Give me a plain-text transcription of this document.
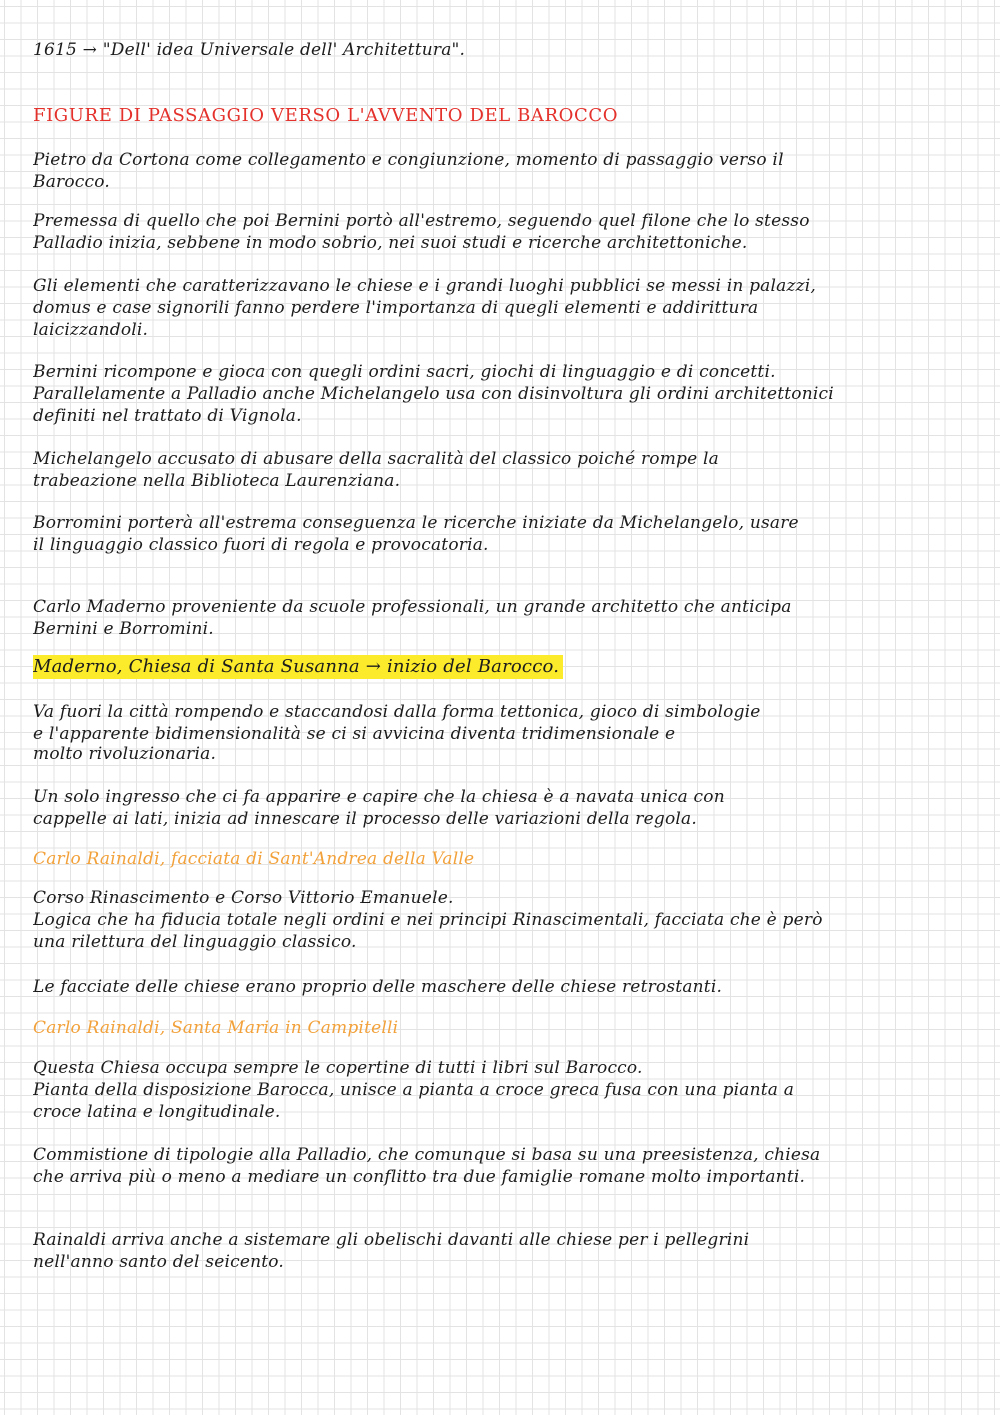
1615 → "Dell' idea Universale dell' Architettura".
FIGURE DI PASSAGGIO VERSO L'AVVENTO DEL BAROCCO
Pietro da Cortona come collegamento e congiunzione, momento di passaggio verso il
Barocco.
Premessa di quello che poi Bernini portò all'estremo, seguendo quel filone che lo stesso
Palladio inizia, sebbene in modo sobrio, nei suoi studi e ricerche architettoniche.
Gli elementi che caratterizzavano le chiese e i grandi luoghi pubblici se messi in palazzi,
domus e case signorili fanno perdere l'importanza di quegli elementi e addirittura
laicizzandoli.
Bernini ricompone e gioca con quegli ordini sacri, giochi di linguaggio e di concetti.
Parallelamente a Palladio anche Michelangelo usa con disinvoltura gli ordini architettonici
definiti nel trattato di Vignola.
Michelangelo accusato di abusare della sacralità del classico poiché rompe la
trabeazione nella Biblioteca Laurenziana.
Borromini porterà all'estrema conseguenza le ricerche iniziate da Michelangelo, usare
il linguaggio classico fuori di regola e provocatoria.
Carlo Maderno proveniente da scuole professionali, un grande architetto che anticipa
Bernini e Borromini.
Maderno, Chiesa di Santa Susanna → inizio del Barocco.
Va fuori la città rompendo e staccandosi dalla forma tettonica, gioco di simbologie
e l'apparente bidimensionalità se ci si avvicina diventa tridimensionale e
molto rivoluzionaria.
Un solo ingresso che ci fa apparire e capire che la chiesa è a navata unica con
cappelle ai lati, inizia ad innescare il processo delle variazioni della regola.
Carlo Rainaldi, facciata di Sant'Andrea della Valle
Corso Rinascimento e Corso Vittorio Emanuele.
Logica che ha fiducia totale negli ordini e nei principi Rinascimentali, facciata che è però
una rilettura del linguaggio classico.
Le facciate delle chiese erano proprio delle maschere delle chiese retrostanti.
Carlo Rainaldi, Santa Maria in Campitelli
Questa Chiesa occupa sempre le copertine di tutti i libri sul Barocco.
Pianta della disposizione Barocca, unisce a pianta a croce greca fusa con una pianta a
croce latina e longitudinale.
Commistione di tipologie alla Palladio, che comunque si basa su una preesistenza, chiesa
che arriva più o meno a mediare un conflitto tra due famiglie romane molto importanti.
Rainaldi arriva anche a sistemare gli obelischi davanti alle chiese per i pellegrini
nell'anno santo del seicento.
